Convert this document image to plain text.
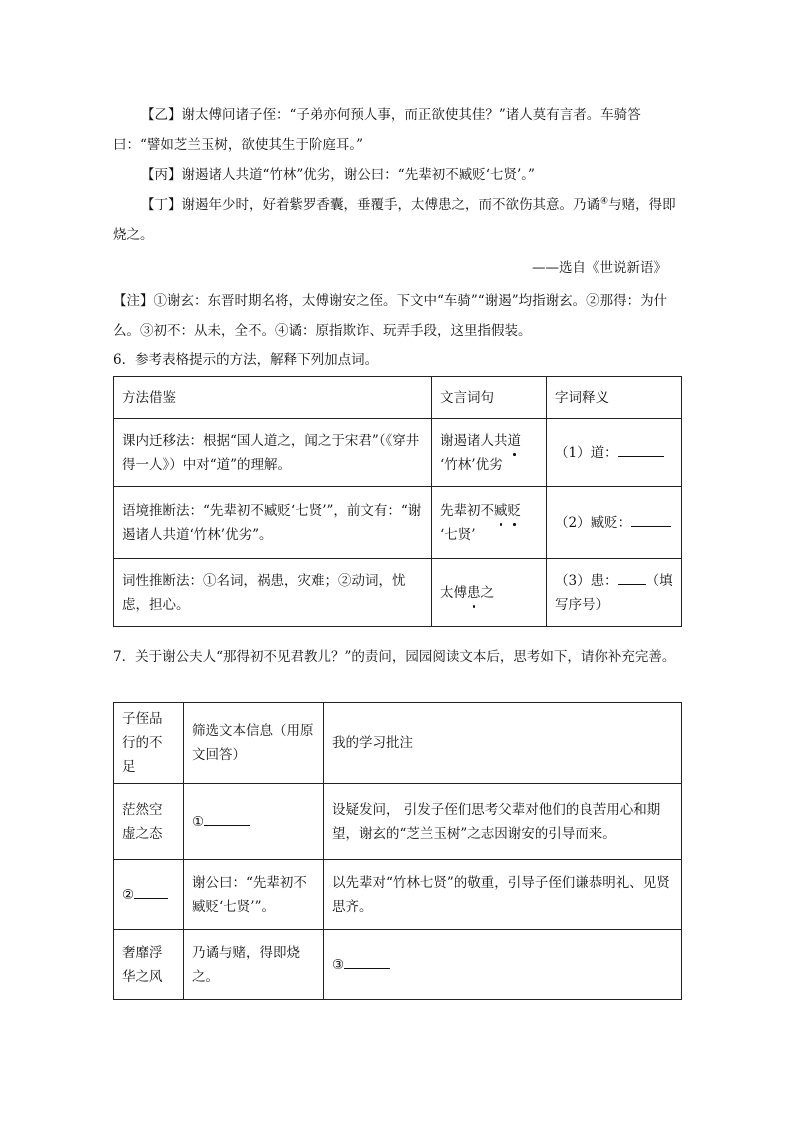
【乙】谢太傅问诸子侄：“子弟亦何预人事，而正欲使其佳？”诸人莫有言者。车骑答曰：“譬如芝兰玉树，欲使其生于阶庭耳。”
【丙】谢遏诸人共道“竹林”优劣，谢公曰：“先辈初不臧贬‘七贤’。”
【丁】谢遏年少时，好着紫罗香囊，垂覆手，太傅患之，而不欲伤其意。乃谲④与赌，得即烧之。
——选自《世说新语》
【注】①谢玄：东晋时期名将，太傅谢安之侄。下文中“车骑”“谢遏”均指谢玄。②那得：为什么。③初不：从未，全不。④谲：原指欺诈、玩弄手段，这里指假装。
6．参考表格提示的方法，解释下列加点词。
方法借鉴	文言词句	字词释义
课内迁移法：根据“国人道之，闻之于宋君”（《穿井得一人》）中对“道”的理解。	谢遏诸人共道
‘竹林’优劣	（1）道：
语境推断法：“先辈初不臧贬‘七贤’”，前文有：“谢遏诸人共道‘竹林’优劣”。	先辈初不臧贬
‘七贤’	（2）臧贬：
词性推断法：①名词，祸患，灾难；②动词，忧虑，担心。	太傅患之	（3）患： （填写序号）
7．关于谢公夫人“那得初不见君教儿？”的责问，园园阅读文本后，思考如下，请你补充完善。
子侄品行的不足	筛选文本信息（用原文回答）	我的学习批注
茫然空虚之态	①	设疑发问， 引发子侄们思考父辈对他们的良苦用心和期望，谢玄的“芝兰玉树”之志因谢安的引导而来。
②	谢公曰：“先辈初不臧贬‘七贤’”。	以先辈对“竹林七贤”的敬重，引导子侄们谦恭明礼、见贤思齐。
奢靡浮华之风	乃谲与赌，得即烧之。	③
